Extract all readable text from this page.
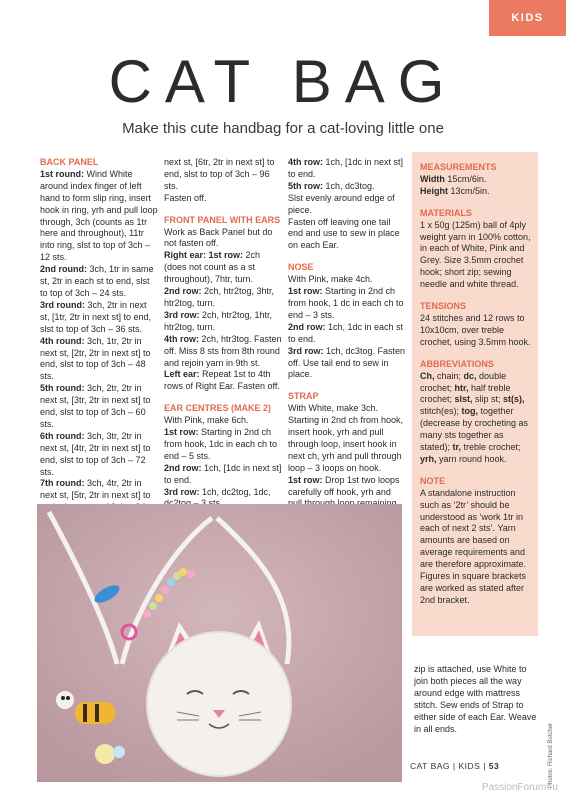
KIDS
CAT BAG
Make this cute handbag for a cat-loving little one

BACK PANEL

1st round: Wind White around index finger of left hand to form slip ring, insert hook in ring, yrh and pull loop through, 3ch (counts as 1tr here and throughout), 11tr into ring, slst to top of 3ch – 12 sts.

2nd round: 3ch, 1tr in same st, 2tr in each st to end, slst to top of 3ch – 24 sts.

3rd round: 3ch, 2tr in next st, [1tr, 2tr in next st] to end, slst to top of 3ch – 36 sts.

4th round: 3ch, 1tr, 2tr in next st, [2tr, 2tr in next st] to end, slst to top of 3ch – 48 sts.

5th round: 3ch, 2tr, 2tr in next st, [3tr, 2tr in next st] to end, slst to top of 3ch – 60 sts.

6th round: 3ch, 3tr, 2tr in next st, [4tr, 2tr in next st] to end, slst to top of 3ch – 72 sts.

7th round: 3ch, 4tr, 2tr in next st, [5tr, 2tr in next st] to

next st, [6tr, 2tr in next st] to end, slst to top of 3ch – 96 sts.

Fasten off.

FRONT PANEL WITH EARS

Work as Back Panel but do not fasten off.

Right ear: 1st row: 2ch (does not count as a st throughout), 7htr, turn.

2nd row: 2ch, htr2tog, 3htr, htr2tog, turn.

3rd row: 2ch, htr2tog, 1htr, htr2tog, turn.

4th row: 2ch, htr3tog. Fasten off. Miss 8 sts from 8th round and rejoin yarn in 9th st.

Left ear: Repeat 1st to 4th rows of Right Ear. Fasten off.

EAR CENTRES (MAKE 2)

With Pink, make 6ch.

1st row: Starting in 2nd ch from hook, 1dc in each ch to end – 5 sts.

2nd row: 1ch, [1dc in next st] to end.

3rd row: 1ch, dc2tog, 1dc,

4th row: 1ch, [1dc in next st] to end.

5th row: 1ch, dc3tog.

Slst evenly around edge of piece.

Fasten off leaving one tail end and use to sew in place on each Ear.

NOSE

With Pink, make 4ch.

1st row: Starting in 2nd ch from hook, 1 dc in each ch to end – 3 sts.

2nd row: 1ch, 1dc in each st to end.

3rd row: 1ch, dc3tog. Fasten off. Use tail end to sew in place.

STRAP

With White, make 3ch. Starting in 2nd ch from hook, insert hook, yrh and pull through loop, insert hook in next ch, yrh and pull through loop – 3 loops on hook.

1st row: Drop 1st two loops carefully off hook, yrh and

MEASUREMENTS

Width 15cm/6in.

Height 13cm/5in.

MATERIALS

1 x 50g (125m) ball of 4ply weight yarn in 100% cotton, in each of White, Pink and Grey. Size 3.5mm crochet hook; short zip; sewing needle and white thread.

TENSIONS

24 stitches and 12 rows to 10x10cm, over treble crochet, using 3.5mm hook.

ABBREVIATIONS

Ch, chain; dc, double crochet; htr, half treble crochet; slst, slip st; st(s), stitch(es); tog, together (decrease by crocheting as many sts together as stated); tr, treble crochet; yrh, yarn round hook.

NOTE

A standalone instruction such as ‘2tr’ should be understood as ‘work 1tr in each of next 2 sts’. Yarn amounts are based on average requirements and are therefore approximate. Figures in square brackets are worked as stated after 2nd bracket.

zip is attached, use White to join both pieces all the way around edge with mattress stitch. Sew ends of Strap to either side of each Ear. Weave in all ends.	Photos: Richard Butcher
CAT BAG | KIDS | 53
PassionForum.ru
